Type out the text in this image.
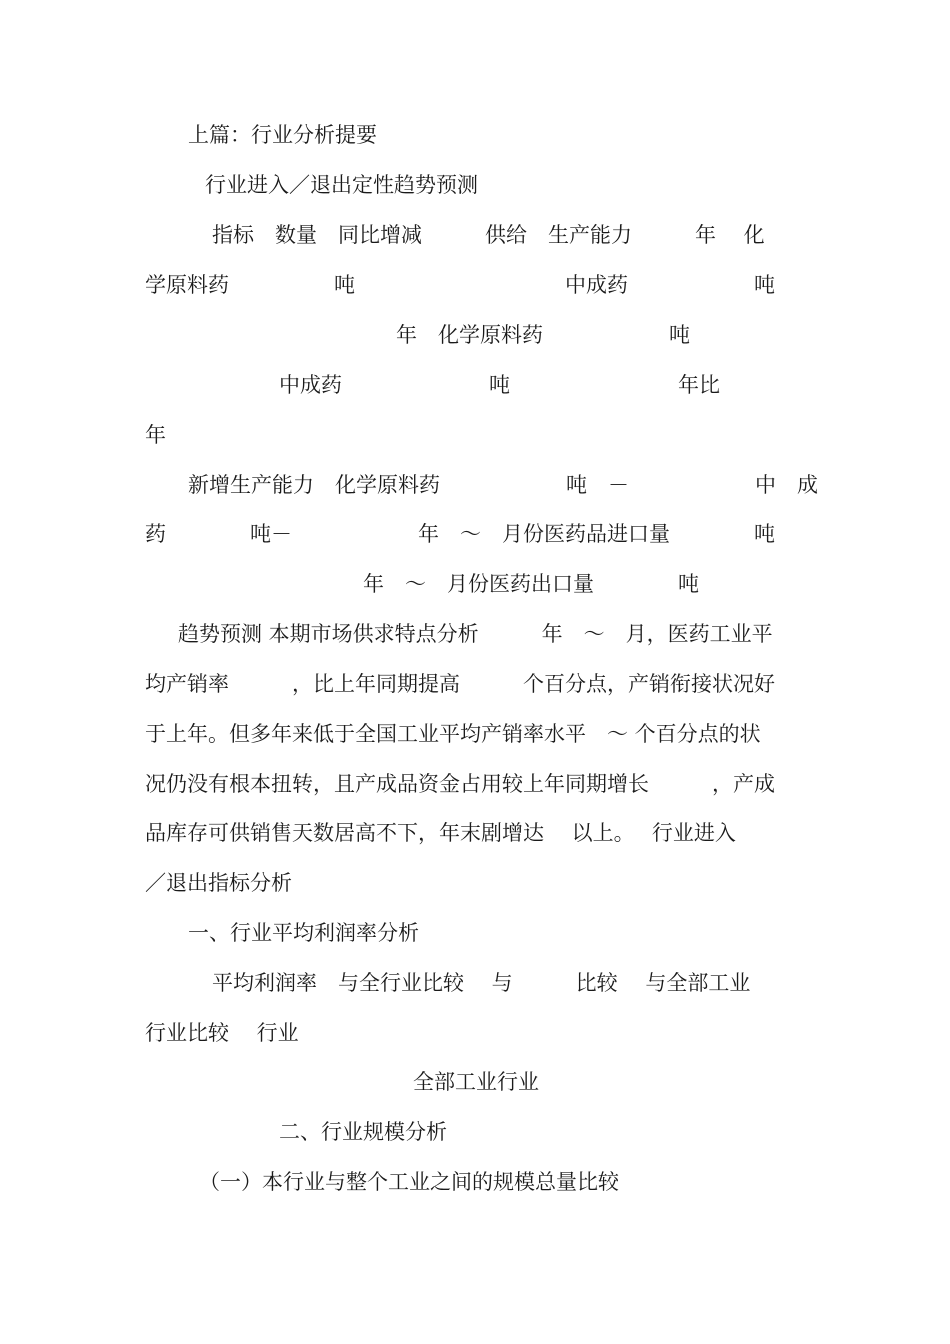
上篇：行业分析提要
行业进入／退出定性趋势预测
指标　数量　同比增减　　　供给　生产能力　　　年　 化
学原料药　　　　　吨　　　　　　　　　　中成药　　　　　　吨
年　化学原料药　　　　　　吨
中成药　　　　　　　吨　　　　　　　　年比
年
新增生产能力　化学原料药　　　　　　吨　－　　　　　　中　成
药　　　　吨－　　　　　　年　～　月份医药品进口量　　　　吨
年　～　月份医药出口量　　　　吨
趋势预测 本期市场供求特点分析　　　年　～　月，医药工业平
均产销率　　　，比上年同期提高　　　个百分点，产销衔接状况好
于上年。但多年来低于全国工业平均产销率水平　～ 个百分点的状
况仍没有根本扭转，且产成品资金占用较上年同期增长　　　，产成
品库存可供销售天数居高不下，年末剧增达　 以上。　 行业进入
／退出指标分析
一、行业平均利润率分析
平均利润率　与全行业比较　 与　　　比较　 与全部工业
行业比较　 行业
全部工业行业
二、行业规模分析
（一）本行业与整个工业之间的规模总量比较
